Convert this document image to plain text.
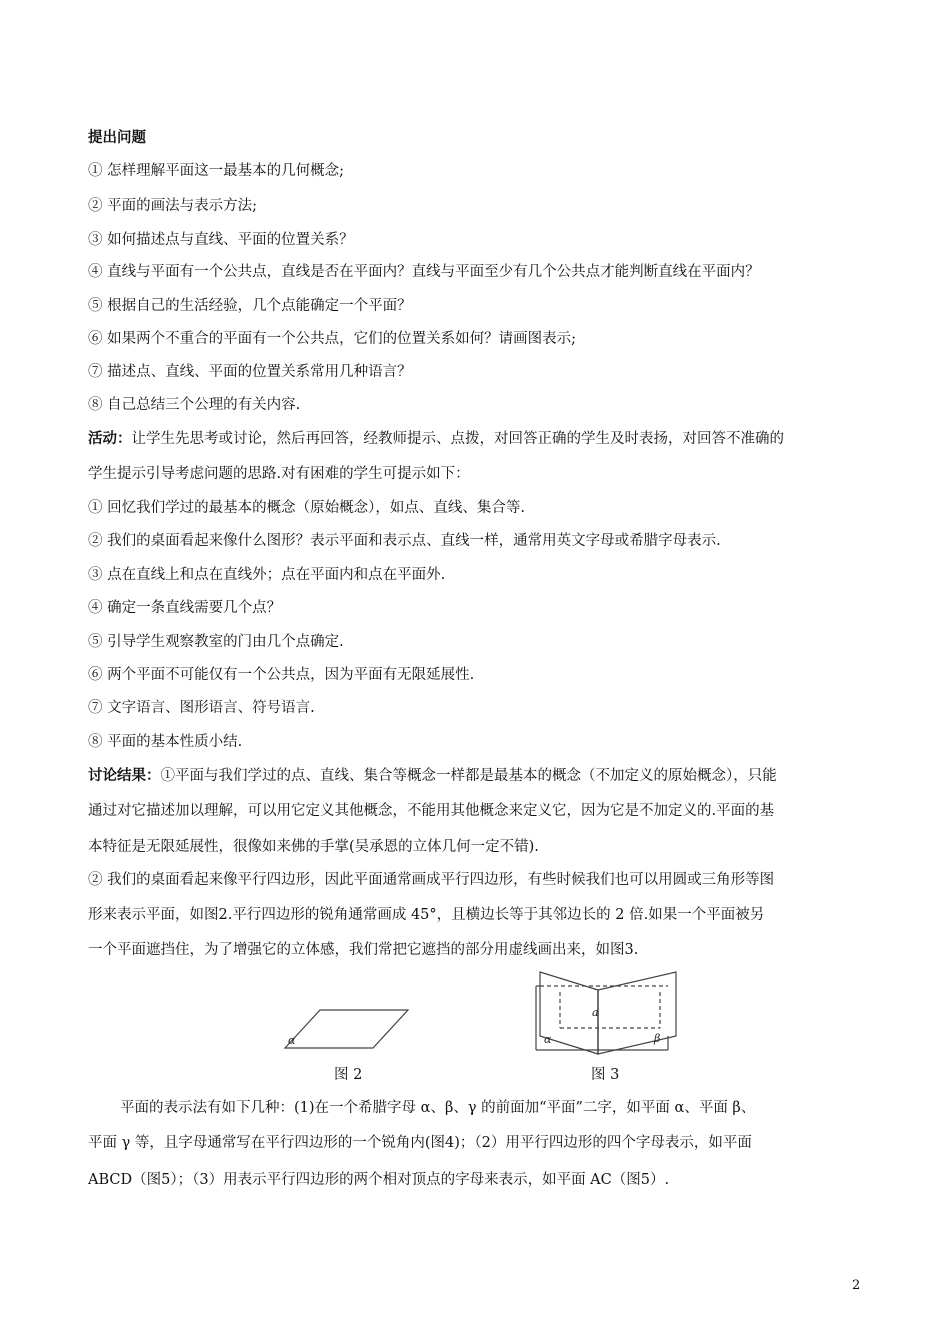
提出问题
① 怎样理解平面这一最基本的几何概念;
② 平面的画法与表示方法;
③ 如何描述点与直线、平面的位置关系？
④ 直线与平面有一个公共点，直线是否在平面内？直线与平面至少有几个公共点才能判断直线在平面内？
⑤ 根据自己的生活经验，几个点能确定一个平面？
⑥ 如果两个不重合的平面有一个公共点，它们的位置关系如何？请画图表示;
⑦ 描述点、直线、平面的位置关系常用几种语言？
⑧ 自己总结三个公理的有关内容.
活动：让学生先思考或讨论，然后再回答，经教师提示、点拨，对回答正确的学生及时表扬，对回答不准确的
学生提示引导考虑问题的思路.对有困难的学生可提示如下：
① 回忆我们学过的最基本的概念（原始概念），如点、直线、集合等.
② 我们的桌面看起来像什么图形？表示平面和表示点、直线一样，通常用英文字母或希腊字母表示.
③ 点在直线上和点在直线外；点在平面内和点在平面外.
④ 确定一条直线需要几个点？
⑤ 引导学生观察教室的门由几个点确定.
⑥ 两个平面不可能仅有一个公共点，因为平面有无限延展性.
⑦ 文字语言、图形语言、符号语言.
⑧ 平面的基本性质小结.
讨论结果：①平面与我们学过的点、直线、集合等概念一样都是最基本的概念（不加定义的原始概念），只能
通过对它描述加以理解，可以用它定义其他概念，不能用其他概念来定义它，因为它是不加定义的.平面的基
本特征是无限延展性，很像如来佛的手掌(吴承恩的立体几何一定不错).
② 我们的桌面看起来像平行四边形，因此平面通常画成平行四边形，有些时候我们也可以用圆或三角形等图
形来表示平面，如图2.平行四边形的锐角通常画成 45°，且横边长等于其邻边长的 2 倍.如果一个平面被另
一个平面遮挡住，为了增强它的立体感，我们常把它遮挡的部分用虚线画出来，如图3.
α
a
α	β
图 2	图 3
平面的表示法有如下几种：(1)在一个希腊字母 α、β、γ 的前面加“平面”二字，如平面 α、平面 β、
平面 γ 等，且字母通常写在平行四边形的一个锐角内(图4)；（2）用平行四边形的四个字母表示，如平面
ABCD（图5）；（3）用表示平行四边形的两个相对顶点的字母来表示，如平面 AC（图5）.
2
